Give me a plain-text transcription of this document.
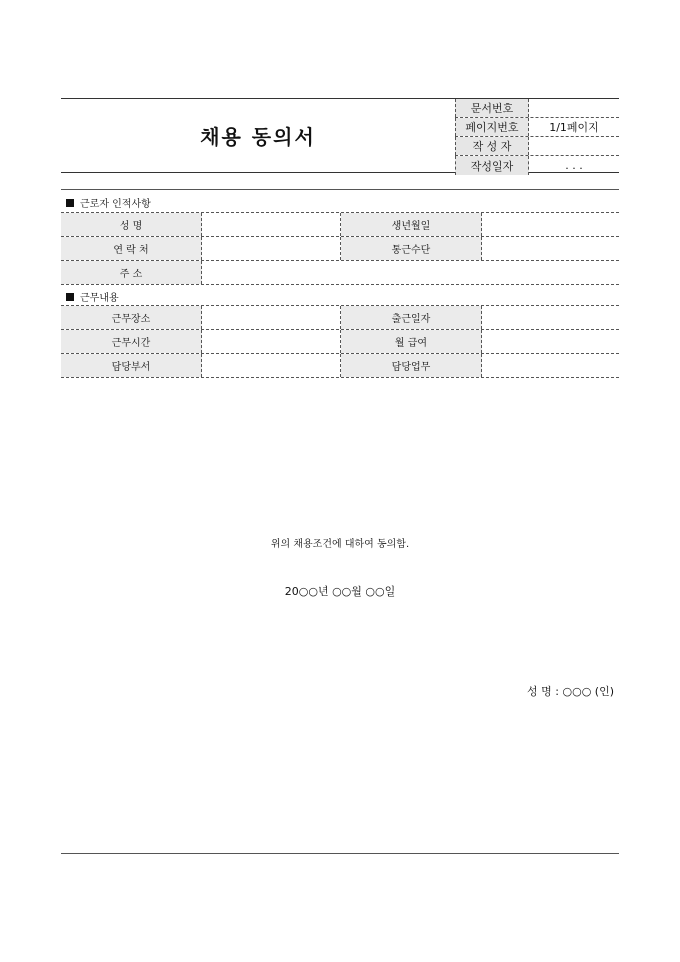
채용 동의서
문서번호
페이지번호	1/1페이지
작 성 자
작성일자	. . .
근로자 인적사항
성 명	생년월일
연 락 처	통근수단
주 소
근무내용
근무장소	출근일자
근무시간	월 급여
담당부서	담당업무
위의 채용조건에 대하여 동의함.
20○○년 ○○월 ○○일
성 명 : ○○○ (인)
